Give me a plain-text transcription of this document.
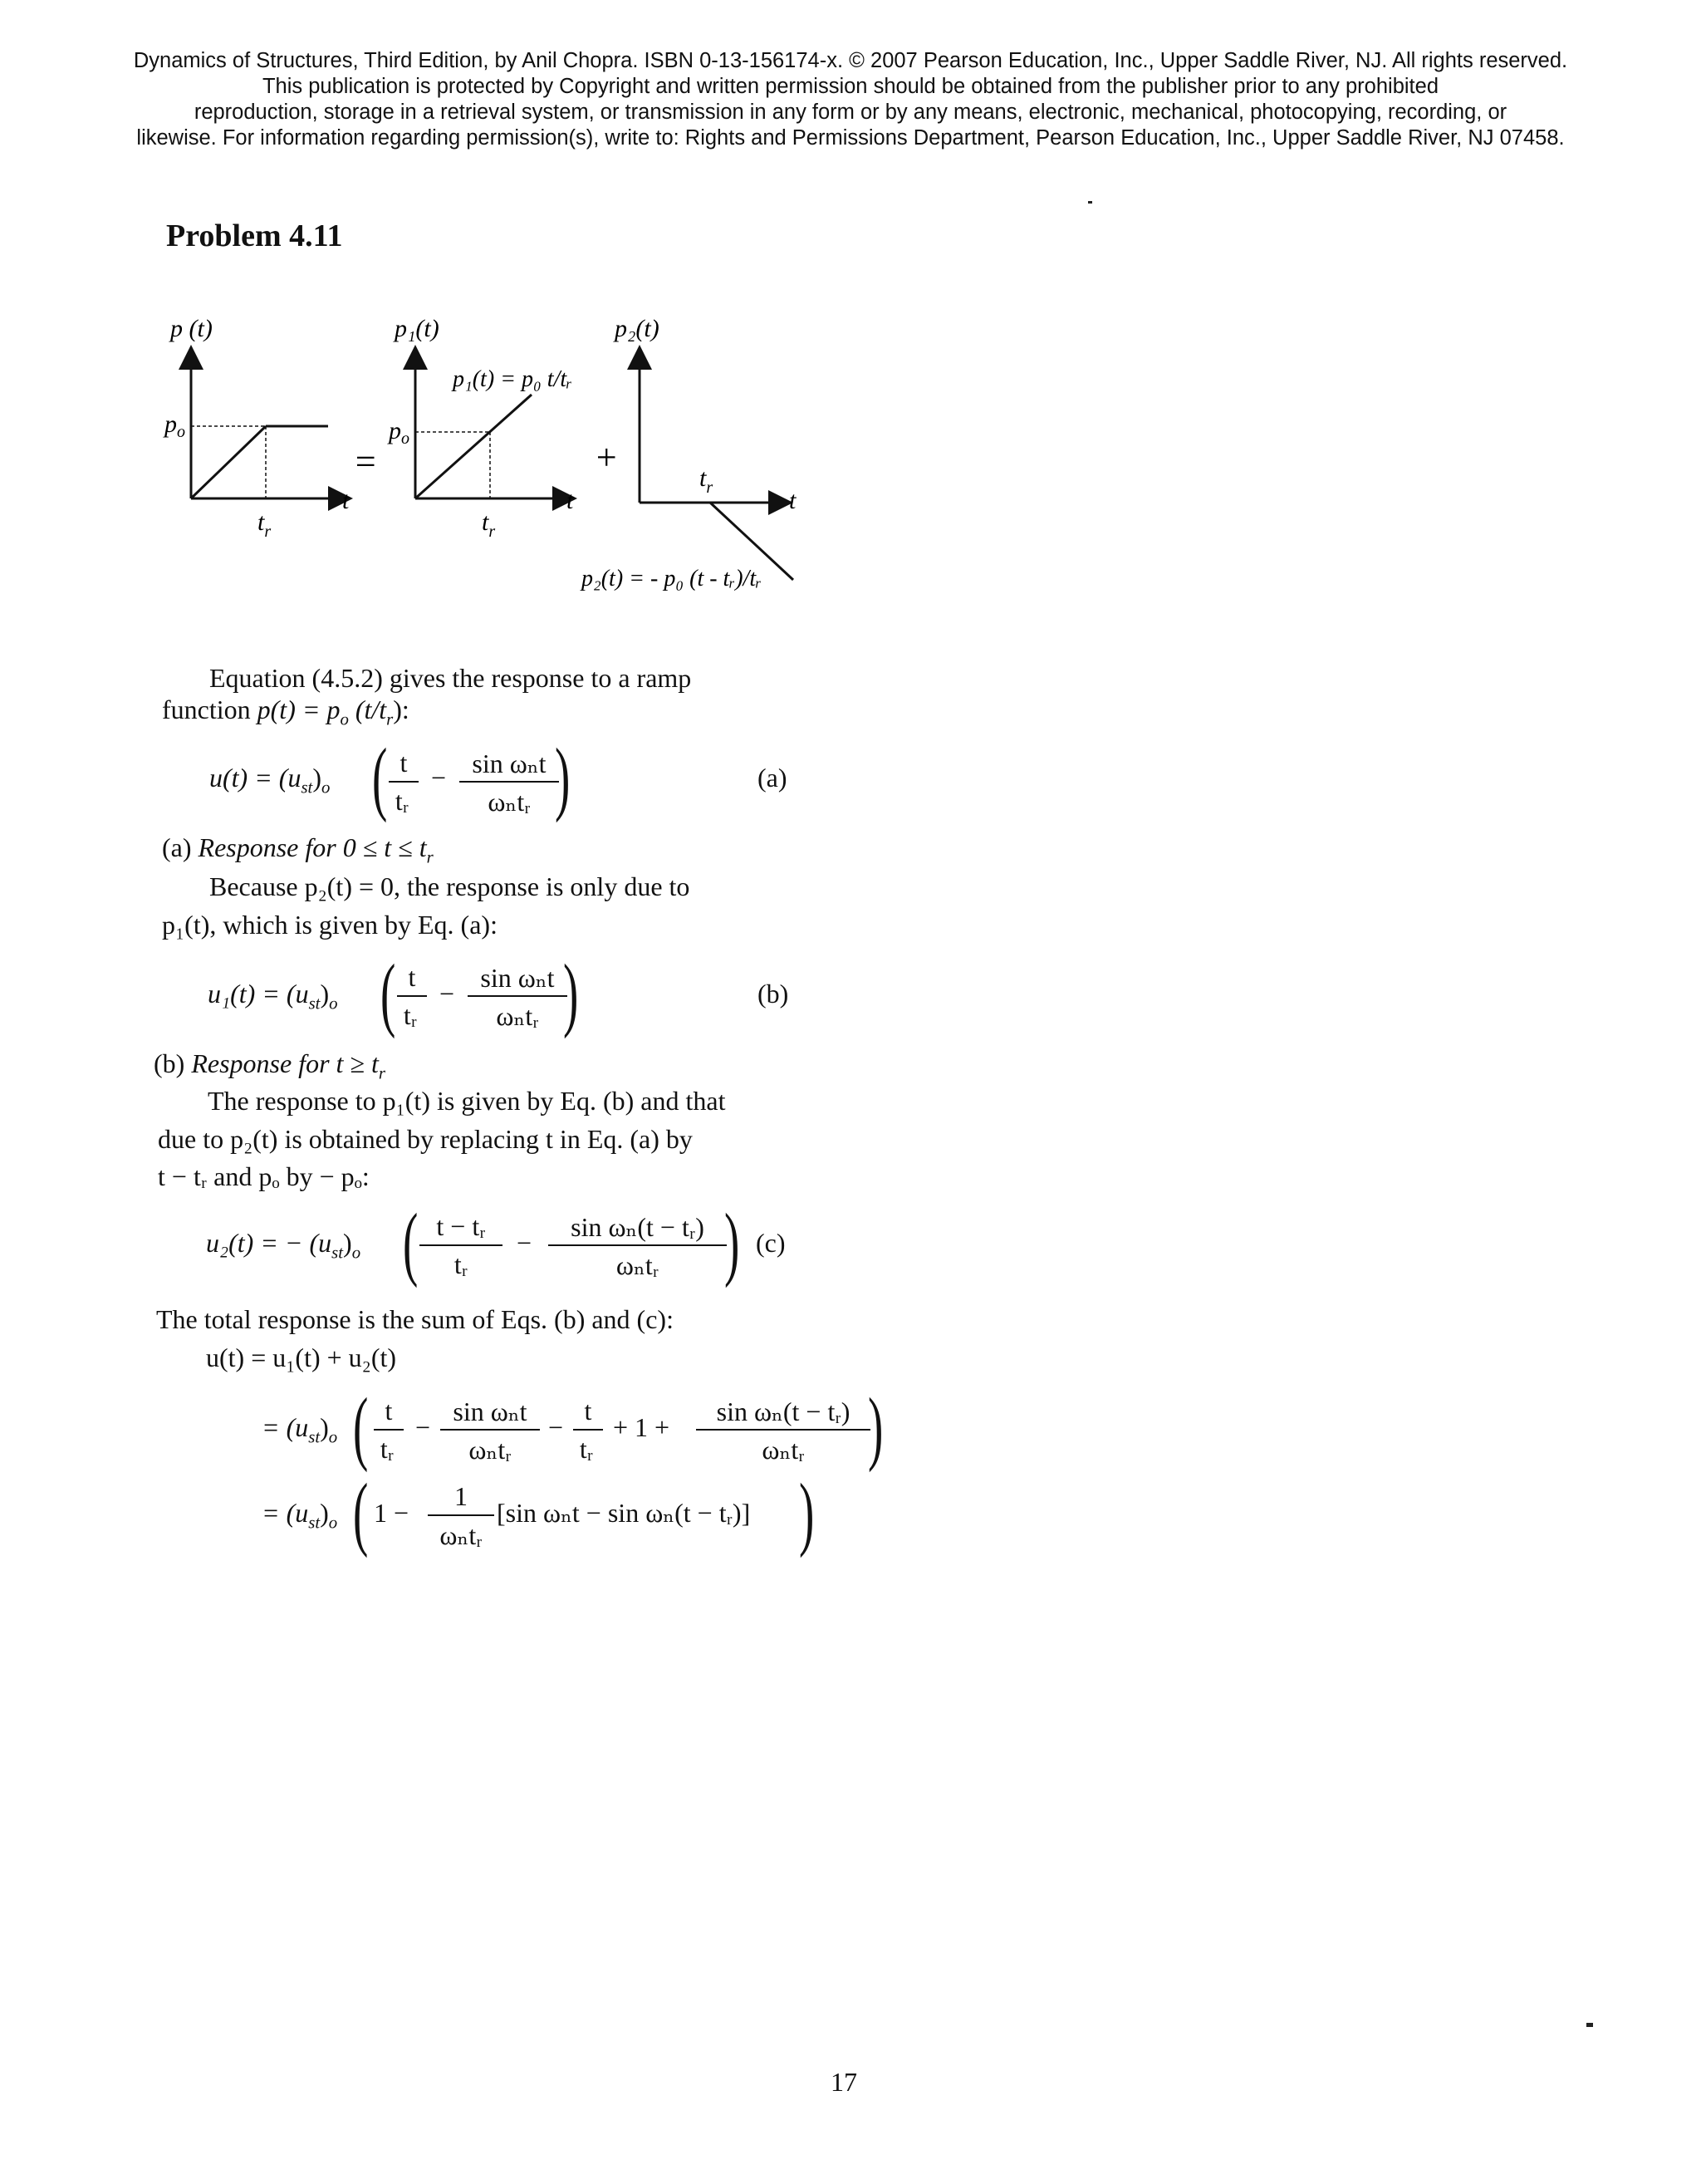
Dynamics of Structures, Third Edition, by Anil Chopra. ISBN 0-13-156174-x. © 2007 Pearson Education, Inc., Upper Saddle River, NJ. All rights reserved.
This publication is protected by Copyright and written permission should be obtained from the publisher prior to any prohibited
reproduction, storage in a retrieval system, or transmission in any form or by any means, electronic, mechanical, photocopying, recording, or
likewise. For information regarding permission(s), write to: Rights and Permissions Department, Pearson Education, Inc., Upper Saddle River, NJ 07458.
Problem 4.11
p (t)
$p_o$
$t_r$
t
=
p₁(t)
$p_o$
$t_r$
t
p₁(t) = p₀ t/tᵣ
+
p₂(t)
$t_r$	t
p₂(t) = - p₀ (t - tᵣ)/tᵣ
Equation (4.5.2) gives the response to a ramp
function $p(t) = p_o$ $(t/t_r)$:
$u(t) = (u_{st})_o$ ( t
tᵣ
− sin ωₙt
ωₙtᵣ )	(a)
(a) Response for $0 \le t \le t_r$
Because p₂(t) = 0, the response is only due to
p₁(t), which is given by Eq. (a):
$u_1(t) = (u_{st})_o$ ( t
tᵣ
−
sin ωₙt
ωₙtᵣ )	(b)
(b) Response for $t \ge t_r$
The response to p₁(t) is given by Eq. (b) and that
due to p₂(t) is obtained by replacing t in Eq. (a) by
t − tᵣ and pₒ by − pₒ:
u₂(t) = − $(u_{st})_o$ ( t − tᵣ
tᵣ
−
sin ωₙ(t − tᵣ)
ωₙtᵣ ) (c)
The total response is the sum of Eqs. (b) and (c):
u(t) = u₁(t) + u₂(t)
= $(u_{st})_o$ ( t
tᵣ
−
sin ωₙt
ωₙtᵣ
−
t
tᵣ
+ 1 +
sin ωₙ(t − tᵣ)
ωₙtᵣ )
= $(u_{st})_o$ ( 1 −
1
ωₙtᵣ
[sin ωₙt − sin ωₙ(t − tᵣ)] )
17
